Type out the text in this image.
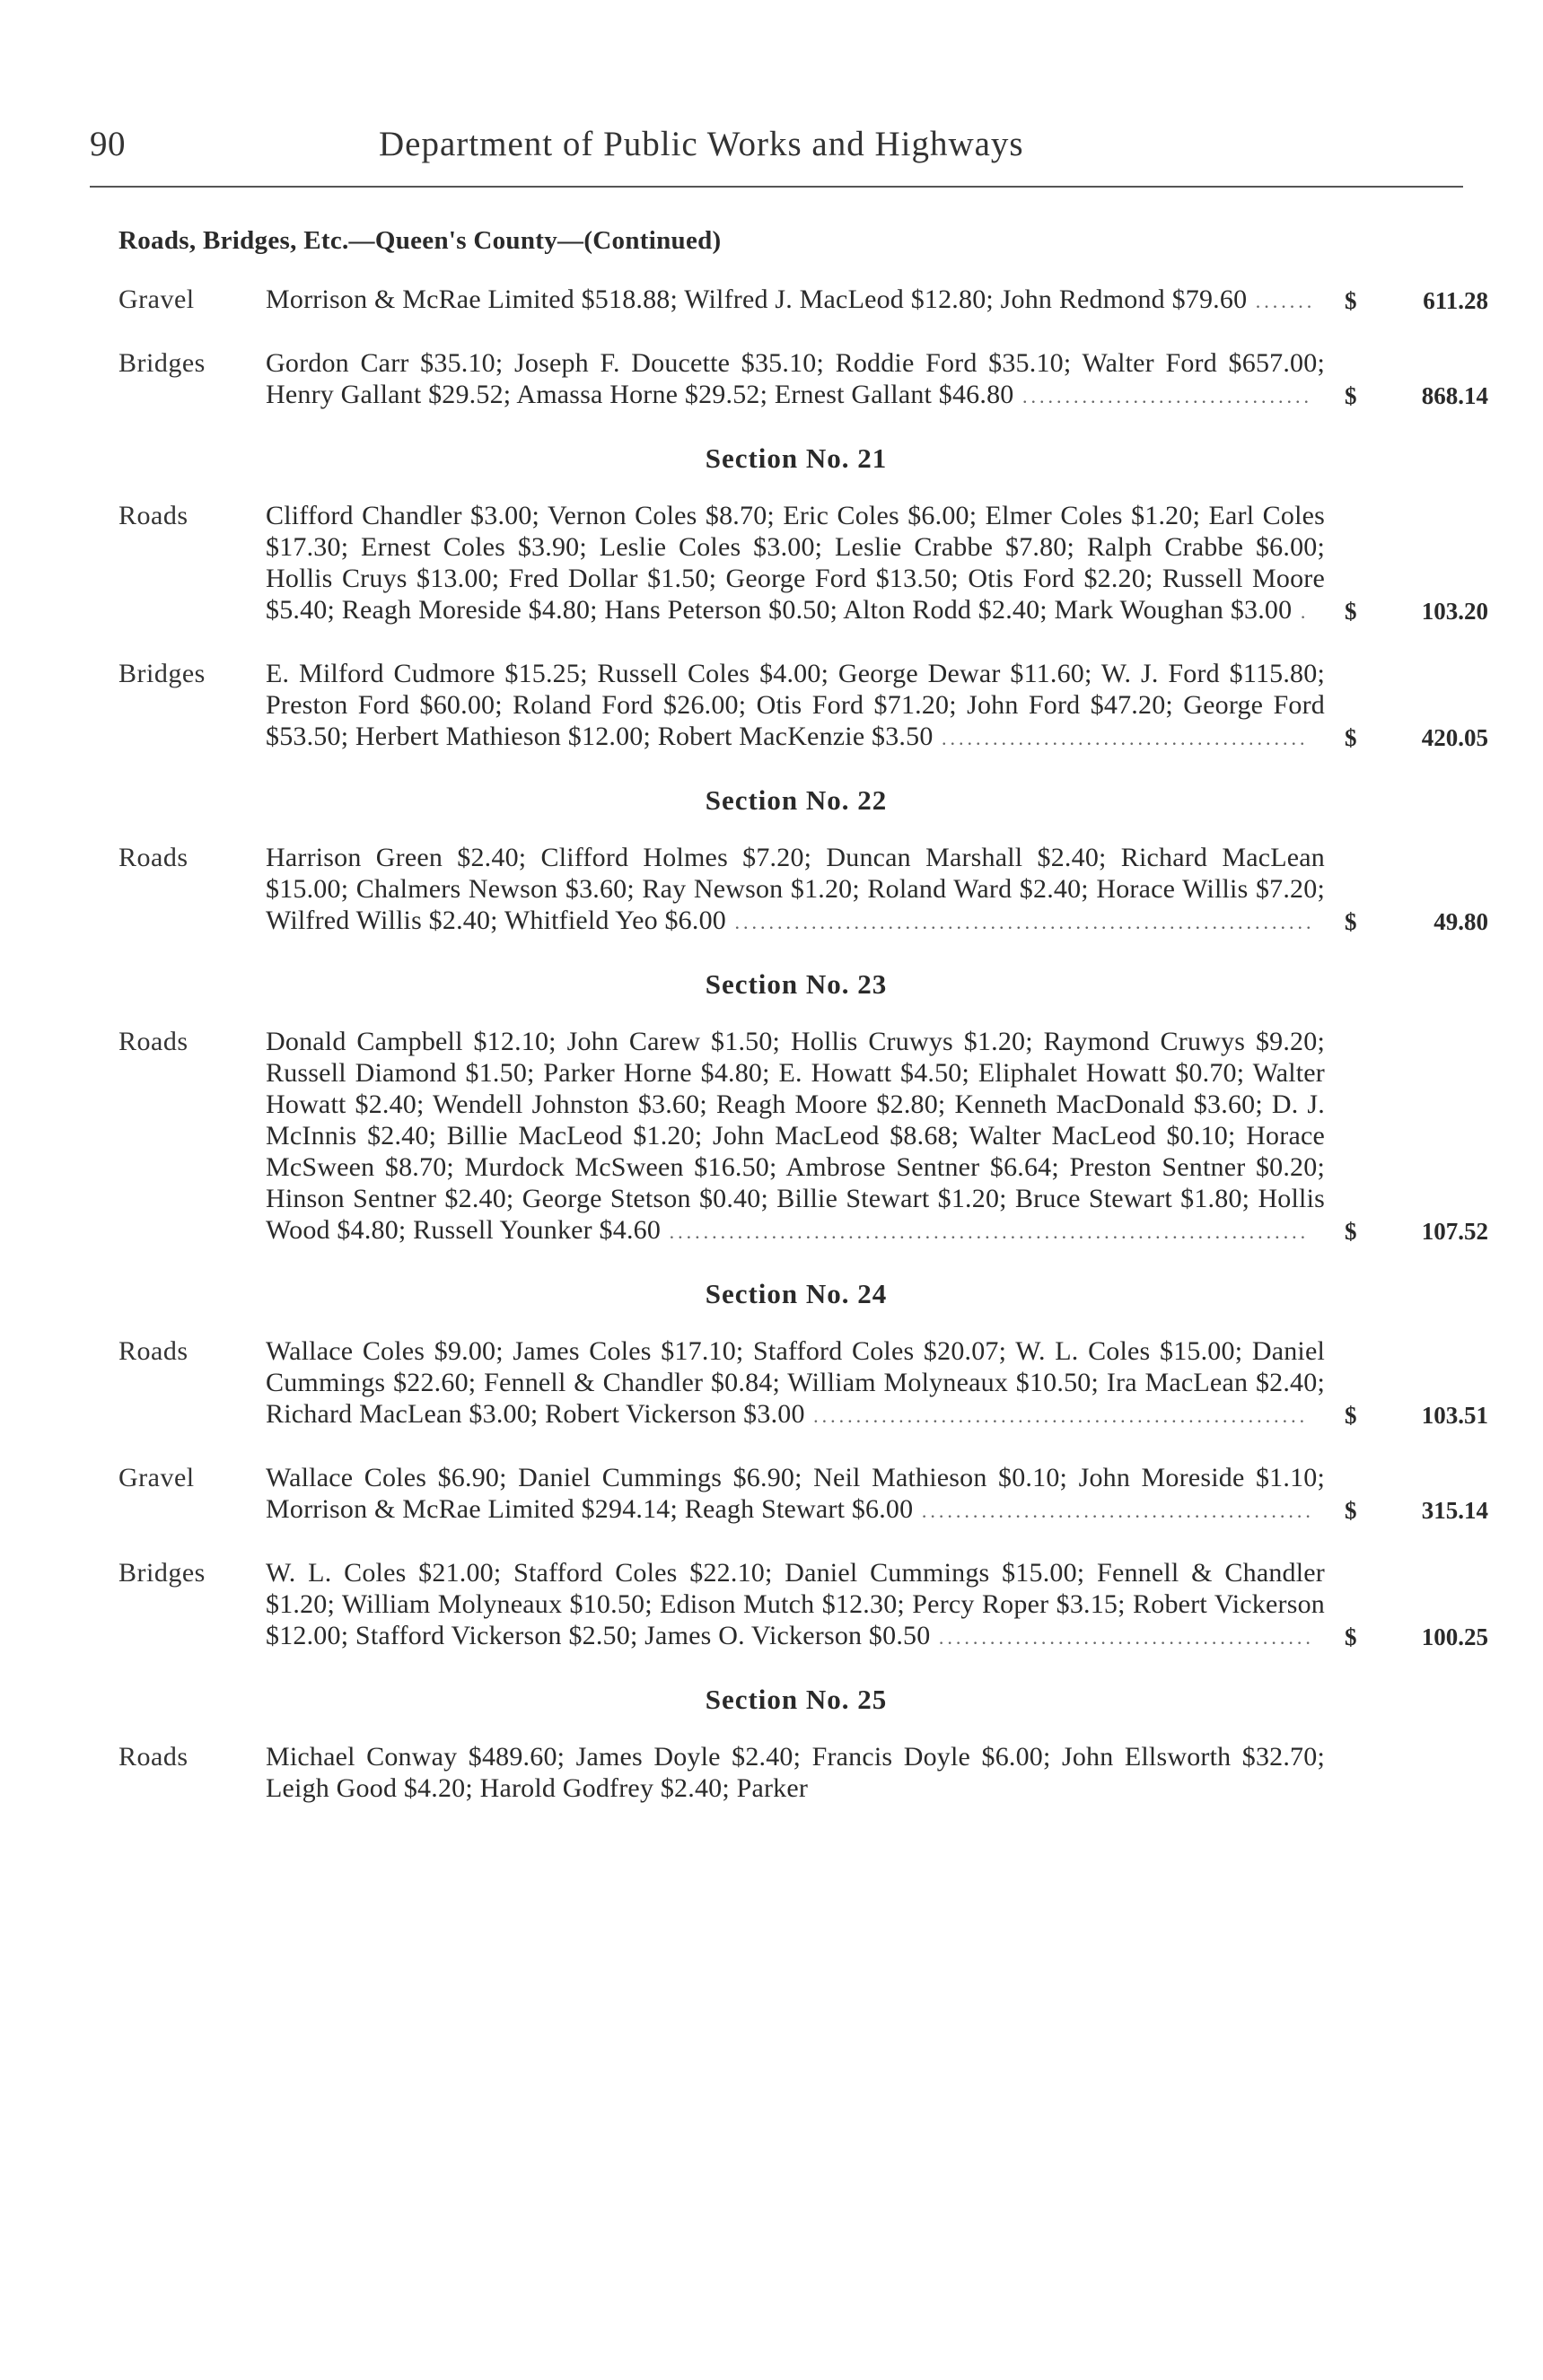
90	Department of Public Works and Highways
Roads, Bridges, Etc.—Queen's County—(Continued)
Gravel	Morrison & McRae Limited $518.88; Wilfred J. MacLeod $12.80; John Redmond $79.60 .......	$	611.28
Bridges	Gordon Carr $35.10; Joseph F. Doucette $35.10; Roddie Ford $35.10; Walter Ford $657.00; Henry Gallant $29.52; Amassa Horne $29.52; Ernest Gallant $46.80 ..................................	$	868.14
Section No. 21
Roads	Clifford Chandler $3.00; Vernon Coles $8.70; Eric Coles $6.00; Elmer Coles $1.20; Earl Coles $17.30; Ernest Coles $3.90; Leslie Coles $3.00; Leslie Crabbe $7.80; Ralph Crabbe $6.00; Hollis Cruys $13.00; Fred Dollar $1.50; George Ford $13.50; Otis Ford $2.20; Russell Moore $5.40; Reagh Moreside $4.80; Hans Peterson $0.50; Alton Rodd $2.40; Mark Woughan $3.00 .	$	103.20
Bridges	E. Milford Cudmore $15.25; Russell Coles $4.00; George Dewar $11.60; W. J. Ford $115.80; Preston Ford $60.00; Roland Ford $26.00; Otis Ford $71.20; John Ford $47.20; George Ford $53.50; Herbert Mathieson $12.00; Robert MacKenzie $3.50 ...........................................	$	420.05
Section No. 22
Roads	Harrison Green $2.40; Clifford Holmes $7.20; Duncan Marshall $2.40; Richard MacLean $15.00; Chalmers Newson $3.60; Ray Newson $1.20; Roland Ward $2.40; Horace Willis $7.20; Wilfred Willis $2.40; Whitfield Yeo $6.00 ....................................................................	$	49.80
Section No. 23
Roads	Donald Campbell $12.10; John Carew $1.50; Hollis Cruwys $1.20; Raymond Cruwys $9.20; Russell Diamond $1.50; Parker Horne $4.80; E. Howatt $4.50; Eliphalet Howatt $0.70; Walter Howatt $2.40; Wendell Johnston $3.60; Reagh Moore $2.80; Kenneth MacDonald $3.60; D. J. McInnis $2.40; Billie MacLeod $1.20; John MacLeod $8.68; Walter MacLeod $0.10; Horace McSween $8.70; Murdock McSween $16.50; Ambrose Sentner $6.64; Preston Sentner $0.20; Hinson Sentner $2.40; George Stetson $0.40; Billie Stewart $1.20; Bruce Stewart $1.80; Hollis Wood $4.80; Russell Younker $4.60 ...........................................................................	$	107.52
Section No. 24
Roads	Wallace Coles $9.00; James Coles $17.10; Stafford Coles $20.07; W. L. Coles $15.00; Daniel Cummings $22.60; Fennell & Chandler $0.84; William Molyneaux $10.50; Ira MacLean $2.40; Richard MacLean $3.00; Robert Vickerson $3.00 ..........................................................	$	103.51
Gravel	Wallace Coles $6.90; Daniel Cummings $6.90; Neil Mathieson $0.10; John Moreside $1.10; Morrison & McRae Limited $294.14; Reagh Stewart $6.00 ..............................................	$	315.14
Bridges	W. L. Coles $21.00; Stafford Coles $22.10; Daniel Cummings $15.00; Fennell & Chandler $1.20; William Molyneaux $10.50; Edison Mutch $12.30; Percy Roper $3.15; Robert Vickerson $12.00; Stafford Vickerson $2.50; James O. Vickerson $0.50 ............................................	$	100.25
Section No. 25
Roads	Michael Conway $489.60; James Doyle $2.40; Francis Doyle $6.00; John Ellsworth $32.70; Leigh Good $4.20; Harold Godfrey $2.40; Parker
